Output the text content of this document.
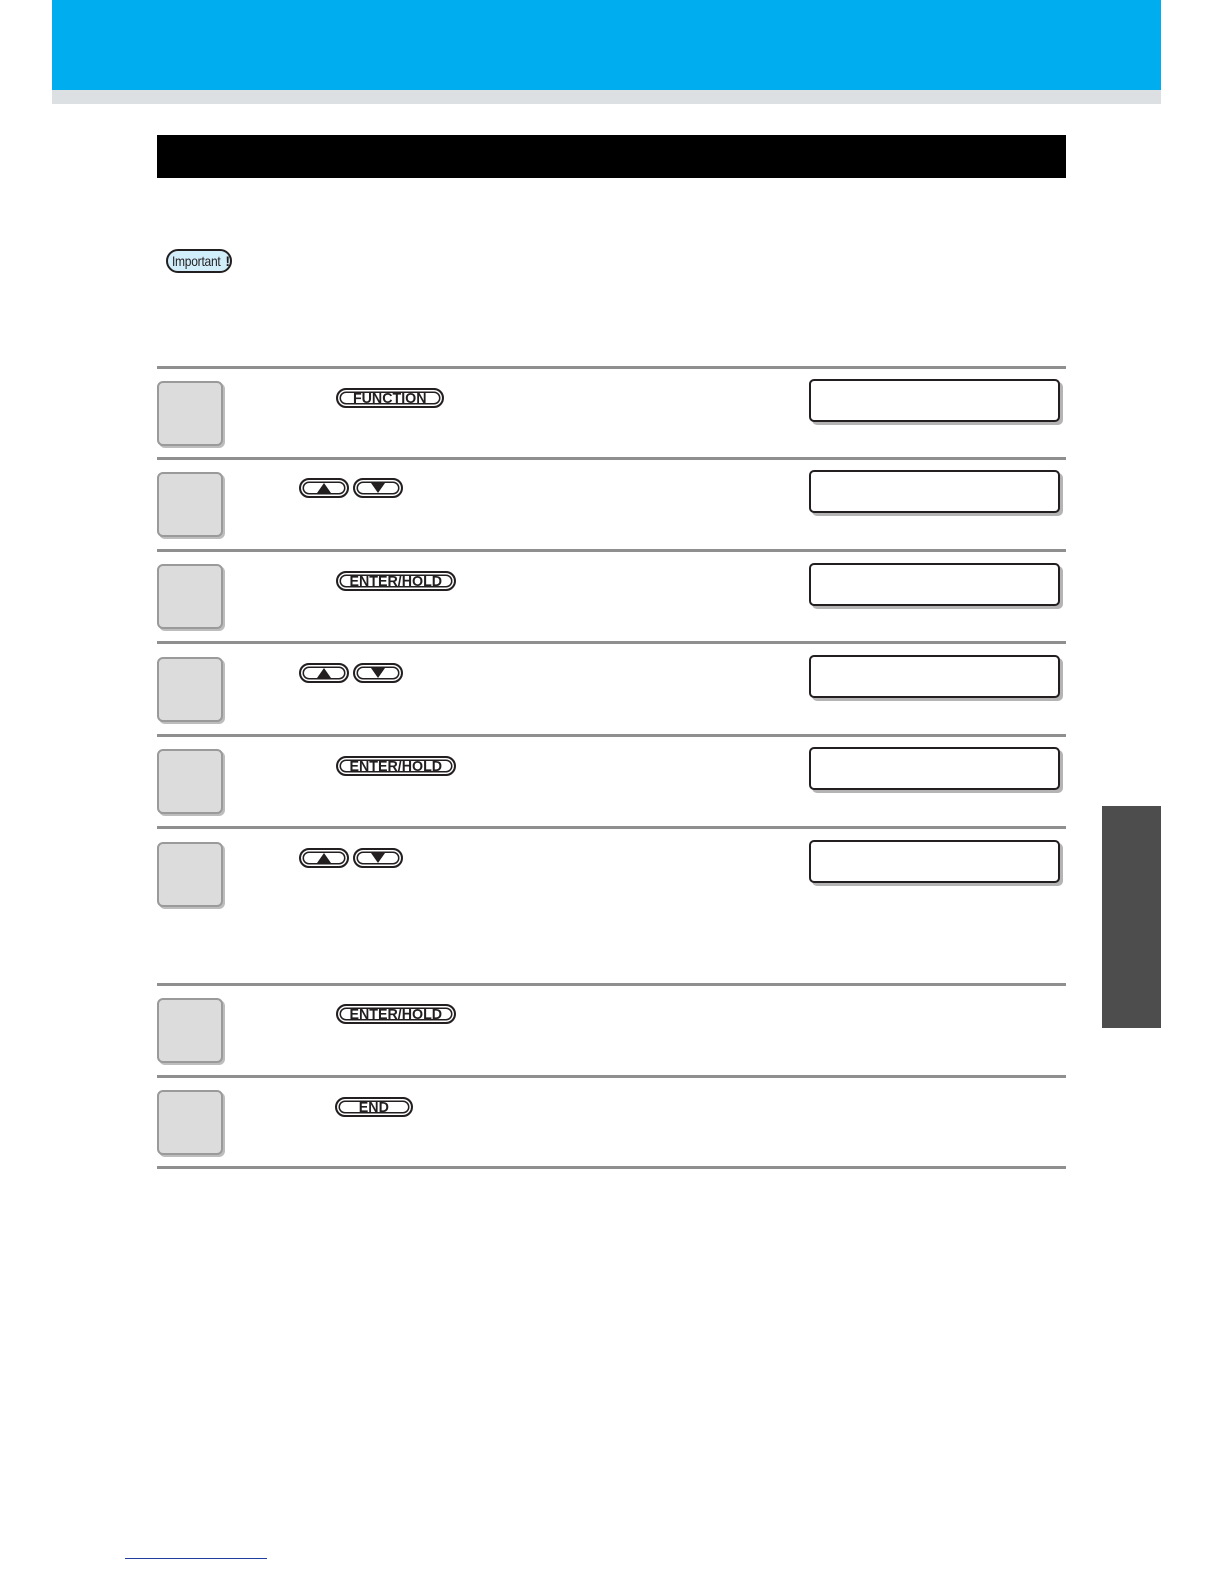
Important !
FUNCTION
ENTER/HOLD
ENTER/HOLD
ENTER/HOLD
END
